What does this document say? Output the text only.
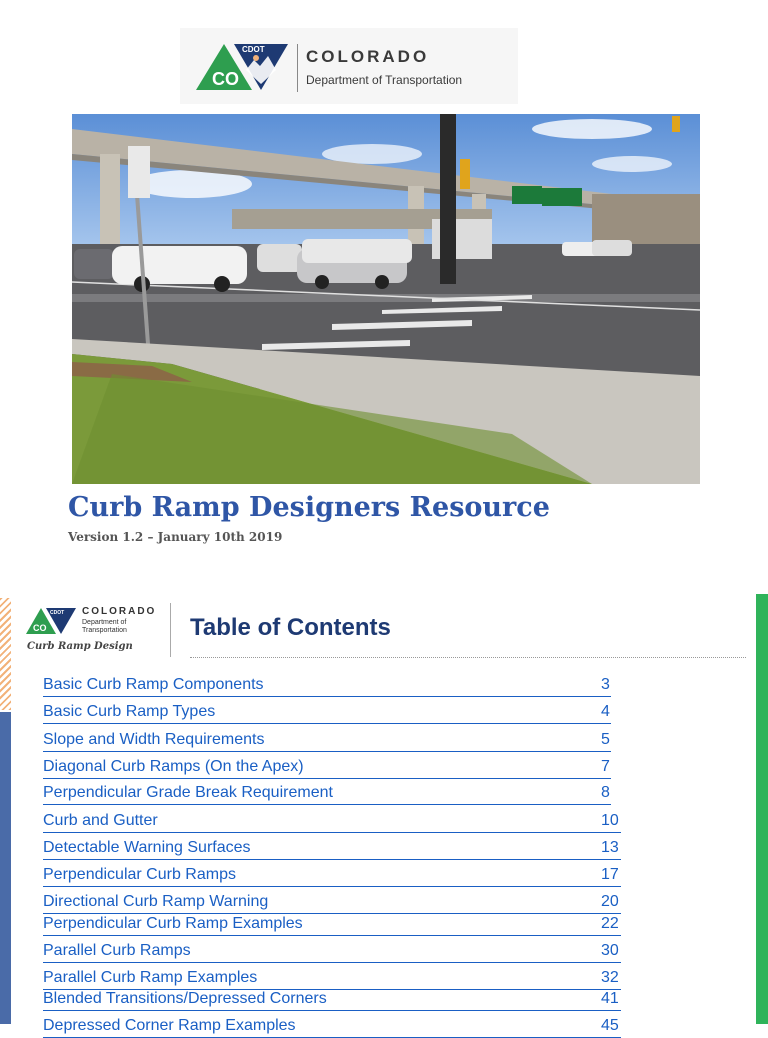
CO
CDOT COLORADO
Department of Transportation
Curb Ramp Designers Resource
Version 1.2 – January 10th 2019
CO
CDOT COLORADO
Department of
Transportation
Curb Ramp Design
Table of Contents
Basic Curb Ramp Components	3
Basic Curb Ramp Types	4
Slope and Width Requirements	5
Diagonal Curb Ramps (On the Apex)	7
Perpendicular Grade Break Requirement	8
Curb and Gutter	10
Detectable Warning Surfaces	13
Perpendicular Curb Ramps	17
Directional Curb Ramp Warning	20
Perpendicular Curb Ramp Examples	22
Parallel Curb Ramps	30
Parallel Curb Ramp Examples	32
Blended Transitions/Depressed Corners	41
Depressed Corner Ramp Examples	45
